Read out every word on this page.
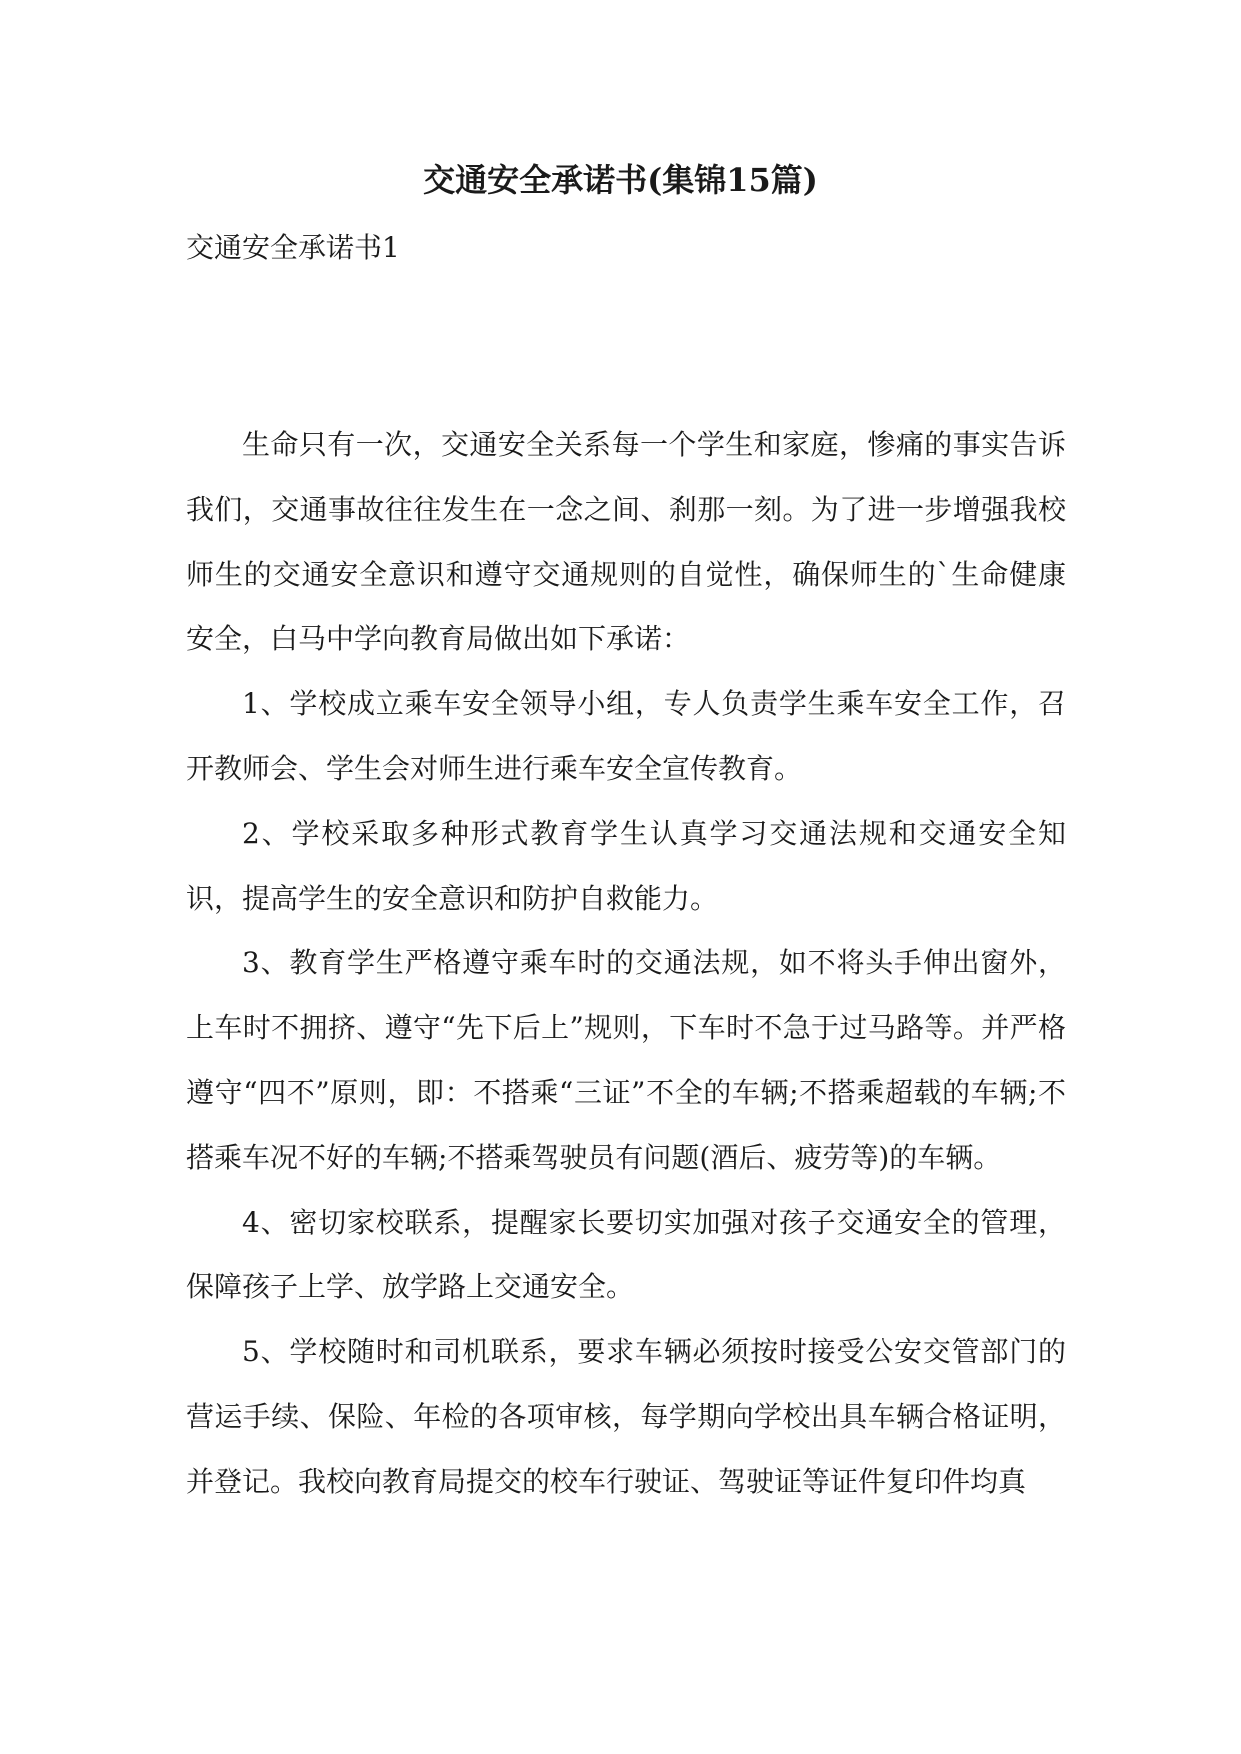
交通安全承诺书(集锦15篇)
交通安全承诺书1

生命只有一次，交通安全关系每一个学生和家庭，惨痛的事实告诉我们，交通事故往往发生在一念之间、刹那一刻。为了进一步增强我校师生的交通安全意识和遵守交通规则的自觉性，确保师生的`生命健康安全，白马中学向教育局做出如下承诺：

1、学校成立乘车安全领导小组，专人负责学生乘车安全工作，召开教师会、学生会对师生进行乘车安全宣传教育。

2、学校采取多种形式教育学生认真学习交通法规和交通安全知识，提高学生的安全意识和防护自救能力。

3、教育学生严格遵守乘车时的交通法规，如不将头手伸出窗外，上车时不拥挤、遵守“先下后上”规则，下车时不急于过马路等。并严格遵守“四不”原则，即：不搭乘“三证”不全的车辆;不搭乘超载的车辆;不搭乘车况不好的车辆;不搭乘驾驶员有问题(酒后、疲劳等)的车辆。

4、密切家校联系，提醒家长要切实加强对孩子交通安全的管理，保障孩子上学、放学路上交通安全。

5、学校随时和司机联系，要求车辆必须按时接受公安交管部门的营运手续、保险、年检的各项审核，每学期向学校出具车辆合格证明，并登记。我校向教育局提交的校车行驶证、驾驶证等证件复印件均真
